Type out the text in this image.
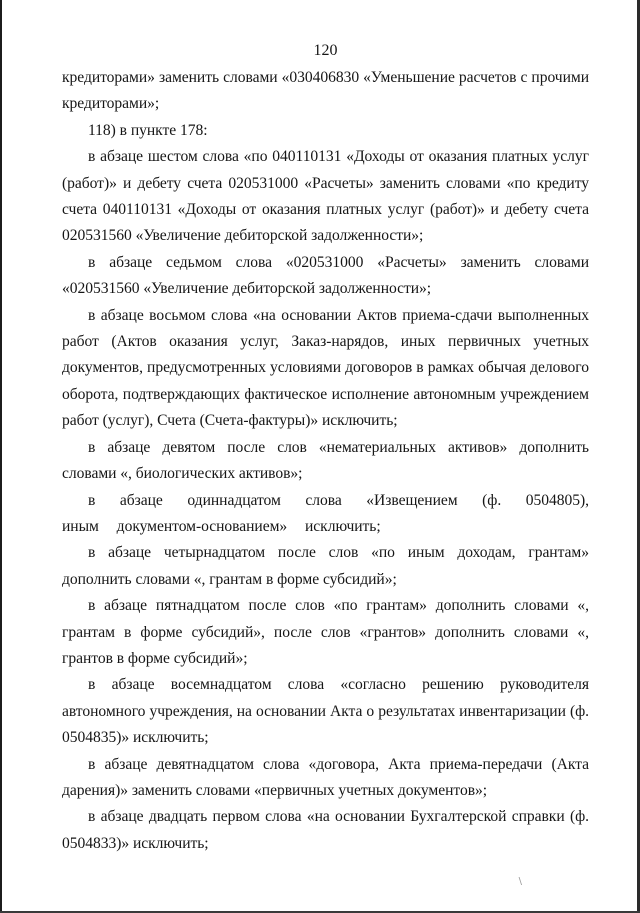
120

кредиторами» заменить словами «030406830 «Уменьшение расчетов с прочими кредиторами»;

118) в пункте 178:

в абзаце шестом слова «по 040110131 «Доходы от оказания платных услуг (работ)» и дебету счета 020531000 «Расчеты» заменить словами «по кредиту счета 040110131 «Доходы от оказания платных услуг (работ)» и дебету счета 020531560 «Увеличение дебиторской задолженности»;

в абзаце седьмом слова «020531000 «Расчеты» заменить словами «020531560 «Увеличение дебиторской задолженности»;

в абзаце восьмом слова «на основании Актов приема-сдачи выполненных работ (Актов оказания услуг, Заказ-нарядов, иных первичных учетных документов, предусмотренных условиями договоров в рамках обычая делового оборота, подтверждающих фактическое исполнение автономным учреждением работ (услуг), Счета (Счета-фактуры)» исключить;

в абзаце девятом после слов «нематериальных активов» дополнить словами «, биологических активов»;

в абзаце одиннадцатом слова «Извещением (ф. 0504805), иным документом-основанием» исключить;

в абзаце четырнадцатом после слов «по иным доходам, грантам» дополнить словами «, грантам в форме субсидий»;

в абзаце пятнадцатом после слов «по грантам» дополнить словами «, грантам в форме субсидий», после слов «грантов» дополнить словами «, грантов в форме субсидий»;

в абзаце восемнадцатом слова «согласно решению руководителя автономного учреждения, на основании Акта о результатах инвентаризации (ф. 0504835)» исключить;

в абзаце девятнадцатом слова «договора, Акта приема-передачи (Акта дарения)» заменить словами «первичных учетных документов»;

в абзаце двадцать первом слова «на основании Бухгалтерской справки (ф. 0504833)» исключить;

\
